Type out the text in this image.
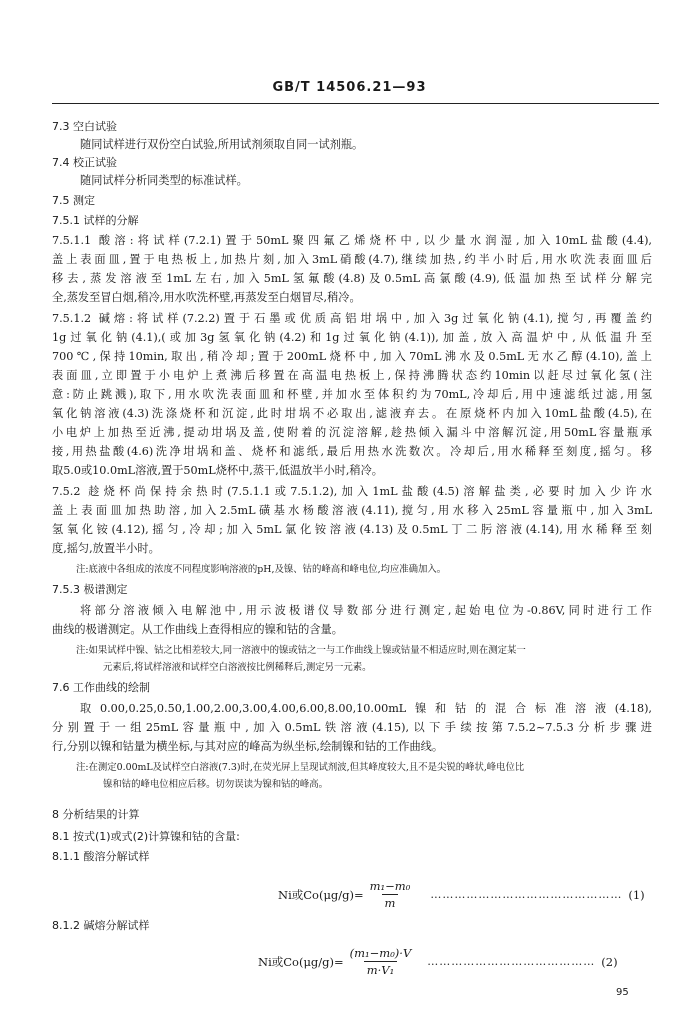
GB/T 14506.21—93
7.3 空白试验
随同试样进行双份空白试验,所用试剂须取自同一试剂瓶。
7.4 校正试验
随同试样分析同类型的标准试样。
7.5 测定
7.5.1 试样的分解
7.5.1.1 酸溶:将试样(7.2.1)置于50mL聚四氟乙烯烧杯中,以少量水润湿,加入10mL盐酸(4.4),
盖上表面皿,置于电热板上,加热片刻,加入3mL硝酸(4.7),继续加热,约半小时后,用水吹洗表面皿后
移去,蒸发溶液至1mL左右,加入5mL氢氟酸(4.8)及0.5mL高氯酸(4.9),低温加热至试样分解完
全,蒸发至冒白烟,稍冷,用水吹洗杯壁,再蒸发至白烟冒尽,稍冷。
7.5.1.2 碱熔:将试样(7.2.2)置于石墨或优质高铝坩埚中,加入3g过氧化钠(4.1),搅匀,再覆盖约
1g过氧化钠(4.1),(或加3g氢氧化钠(4.2)和1g过氧化钠(4.1)),加盖,放入高温炉中,从低温升至
700℃,保持10min,取出,稍冷却;置于200mL烧杯中,加入70mL沸水及0.5mL无水乙醇(4.10),盖上
表面皿,立即置于小电炉上煮沸后移置在高温电热板上,保持沸腾状态约10min以赶尽过氧化氢(注
意:防止跳溅),取下,用水吹洗表面皿和杯壁,并加水至体积约为70mL,冷却后,用中速滤纸过滤,用氢
氧化钠溶液(4.3)洗涤烧杯和沉淀,此时坩埚不必取出,滤液弃去。在原烧杯内加入10mL盐酸(4.5),在
小电炉上加热至近沸,提动坩埚及盖,使附着的沉淀溶解,趁热倾入漏斗中溶解沉淀,用50mL容量瓶承
接,用热盐酸(4.6)洗净坩埚和盖、烧杯和滤纸,最后用热水洗数次。冷却后,用水稀释至刻度,摇匀。移
取5.0或10.0mL溶液,置于50mL烧杯中,蒸干,低温放半小时,稍冷。
7.5.2 趁烧杯尚保持余热时(7.5.1.1或7.5.1.2),加入1mL盐酸(4.5)溶解盐类,必要时加入少许水
盖上表面皿加热助溶,加入2.5mL磺基水杨酸溶液(4.11),搅匀,用水移入25mL容量瓶中,加入3mL
氢氧化铵(4.12),摇匀,冷却;加入5mL氯化铵溶液(4.13)及0.5mL丁二肟溶液(4.14),用水稀释至刻
度,摇匀,放置半小时。
注:底液中各组成的浓度不同程度影响溶液的pH,及镍、钴的峰高和峰电位,均应准确加入。
7.5.3 极谱测定
将部分溶液倾入电解池中,用示波极谱仪导数部分进行测定,起始电位为-0.86V,同时进行工作
曲线的极谱测定。从工作曲线上查得相应的镍和钴的含量。
注:如果试样中镍、钴之比相差较大,同一溶液中的镍或钴之一与工作曲线上镍或钴量不相适应时,则在测定某一
元素后,将试样溶液和试样空白溶液按比例稀释后,测定另一元素。
7.6 工作曲线的绘制
取0.00,0.25,0.50,1.00,2.00,3.00,4.00,6.00,8.00,10.00mL镍和钴的混合标准溶液(4.18),
分别置于一组25mL容量瓶中,加入0.5mL铁溶液(4.15),以下手续按第7.5.2~7.5.3分析步骤进
行,分别以镍和钴量为横坐标,与其对应的峰高为纵坐标,绘制镍和钴的工作曲线。
注:在测定0.00mL及试样空白溶液(7.3)时,在荧光屏上呈现试剂波,但其峰度较大,且不是尖锐的峰状,峰电位比
镍和钴的峰电位相应后移。切勿误读为镍和钴的峰高。
8 分析结果的计算
8.1 按式(1)或式(2)计算镍和钴的含量:
8.1.1 酸溶分解试样
8.1.2 碱熔分解试样
Ni或$Co(\mu g/g)= \frac{\text{m₁−m₀}}{m}$ ………………………………………… (1)
Ni或$Co(\mu g/g)= \frac{\text{(m₁−m₀)·V}}{\text{m·V₁}}$ …………………………………… (2)
95
